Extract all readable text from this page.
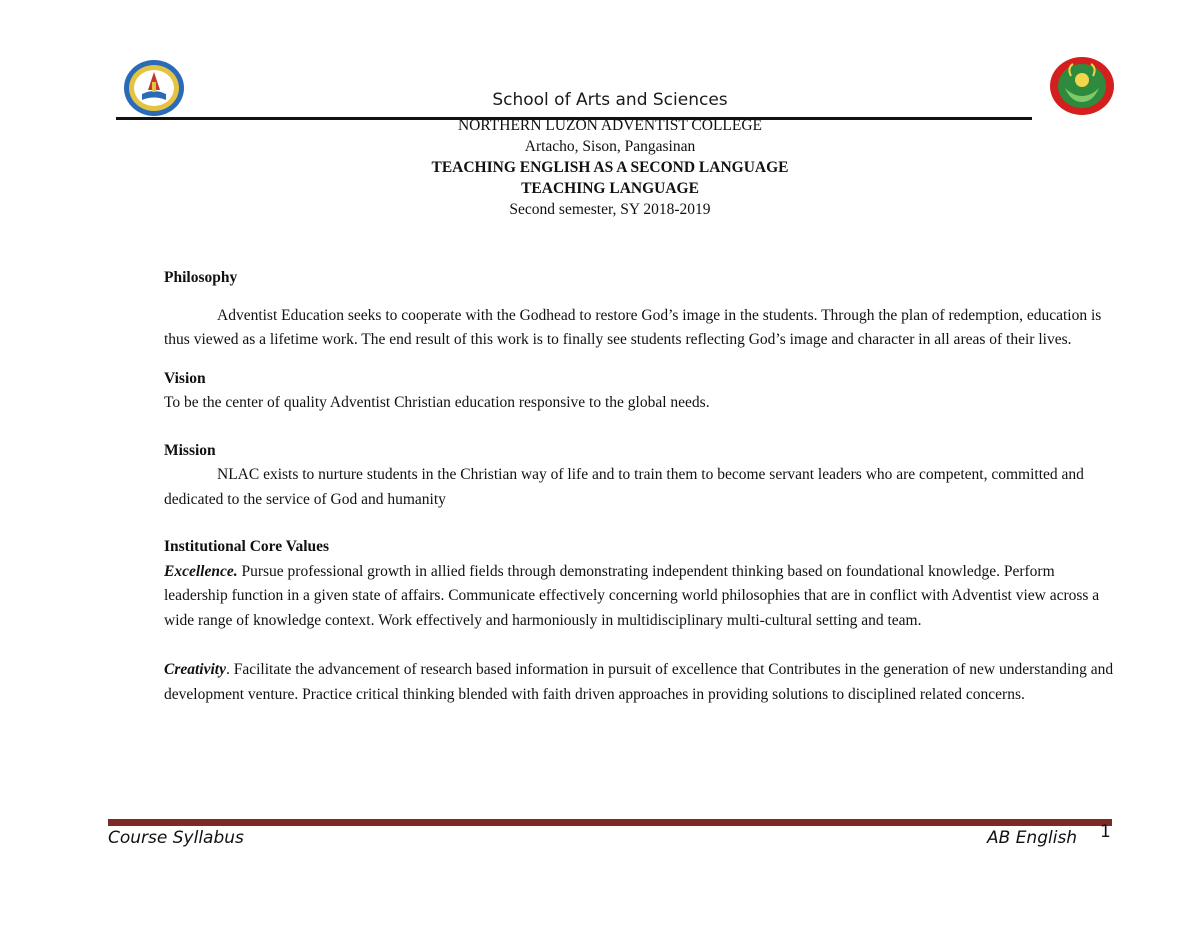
School of Arts and Sciences
NORTHERN LUZON ADVENTIST COLLEGE
Artacho, Sison, Pangasinan
TEACHING ENGLISH AS A SECOND LANGUAGE
TEACHING LANGUAGE
Second semester, SY 2018-2019
Philosophy

Adventist Education seeks to cooperate with the Godhead to restore God’s image in the students. Through the plan of redemption, education is thus viewed as a lifetime work. The end result of this work is to finally see students reflecting God’s image and character in all areas of their lives.

Vision

To be the center of quality Adventist Christian education responsive to the global needs.

Mission

NLAC exists to nurture students in the Christian way of life and to train them to become servant leaders who are competent, committed and dedicated to the service of God and humanity

Institutional Core Values

Excellence. Pursue professional growth in allied fields through demonstrating independent thinking based on foundational knowledge. Perform leadership function in a given state of affairs. Communicate effectively concerning world philosophies that are in conflict with Adventist view across a wide range of knowledge context. Work effectively and harmoniously in multidisciplinary multi-cultural setting and team.

Creativity. Facilitate the advancement of research based information in pursuit of excellence that Contributes in the generation of new understanding and development venture. Practice critical thinking blended with faith driven approaches in providing solutions to disciplined related concerns.

Course Syllabus	AB English 1
